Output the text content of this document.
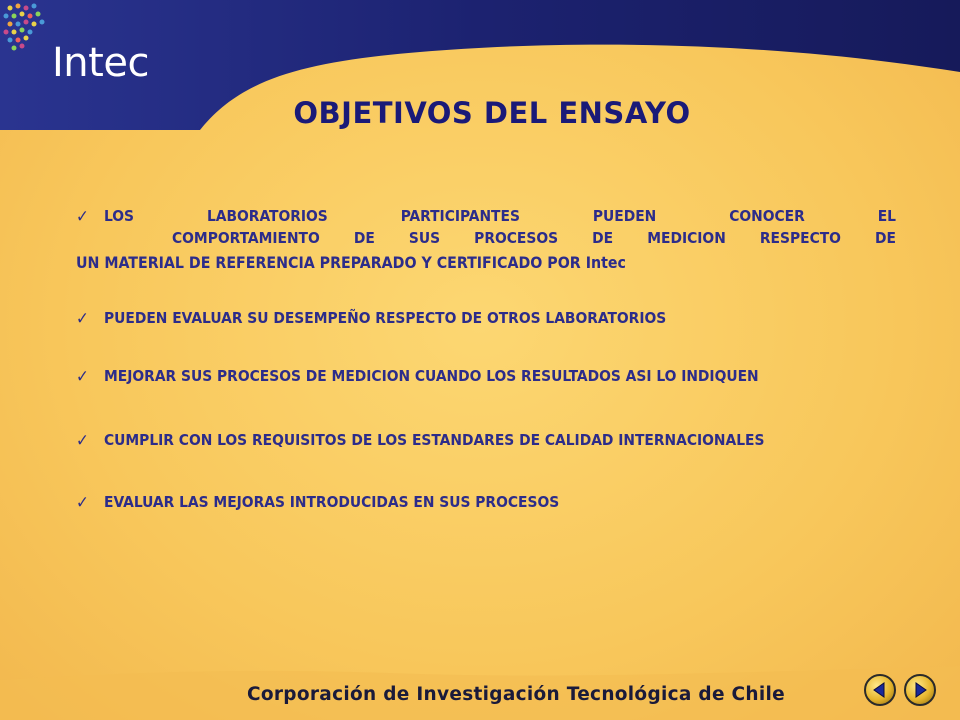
Intec
OBJETIVOS DEL ENSAYO
✓ LOS LABORATORIOS PARTICIPANTES PUEDEN CONOCER EL
COMPORTAMIENTO DE SUS PROCESOS DE MEDICION RESPECTO DE
UN MATERIAL DE REFERENCIA PREPARADO Y CERTIFICADO POR Intec
✓ PUEDEN EVALUAR SU DESEMPEÑO RESPECTO DE OTROS LABORATORIOS
✓ MEJORAR SUS PROCESOS DE MEDICION CUANDO LOS RESULTADOS ASI LO INDIQUEN
✓ CUMPLIR CON LOS REQUISITOS DE LOS ESTANDARES DE CALIDAD INTERNACIONALES
✓ EVALUAR LAS MEJORAS INTRODUCIDAS EN SUS PROCESOS
Corporación de Investigación Tecnológica de Chile
